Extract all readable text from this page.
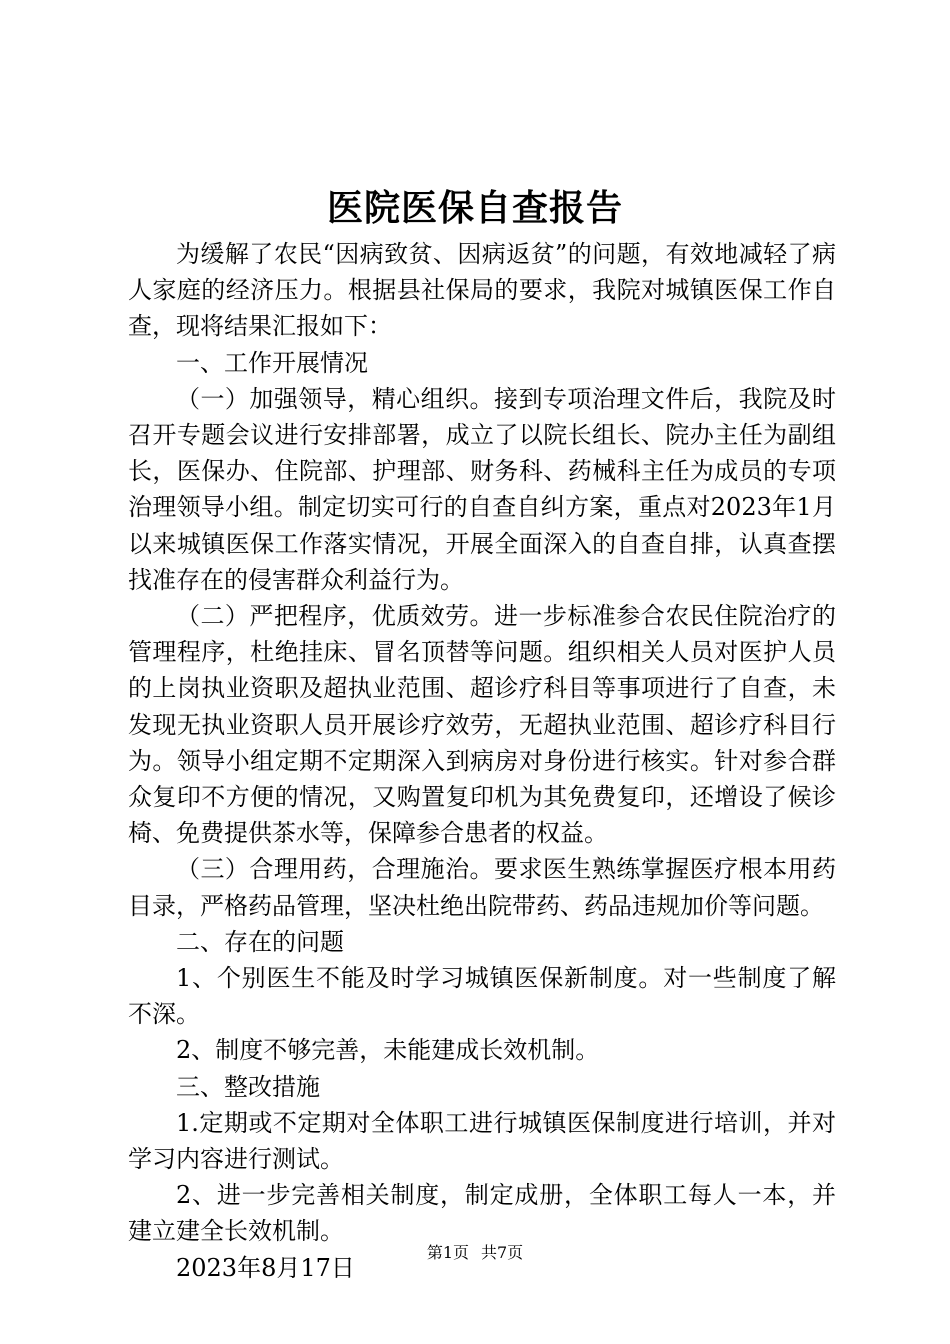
医院医保自查报告

为缓解了农民“因病致贫、因病返贫”的问题，有效地减轻了病人家庭的经济压力。根据县社保局的要求，我院对城镇医保工作自查，现将结果汇报如下：

一、工作开展情况

（一）加强领导，精心组织。接到专项治理文件后，我院及时召开专题会议进行安排部署，成立了以院长组长、院办主任为副组长，医保办、住院部、护理部、财务科、药械科主任为成员的专项治理领导小组。制定切实可行的自查自纠方案，重点对2023年1月以来城镇医保工作落实情况，开展全面深入的自查自排，认真查摆找准存在的侵害群众利益行为。

（二）严把程序，优质效劳。进一步标准参合农民住院治疗的管理程序，杜绝挂床、冒名顶替等问题。组织相关人员对医护人员的上岗执业资职及超执业范围、超诊疗科目等事项进行了自查，未发现无执业资职人员开展诊疗效劳，无超执业范围、超诊疗科目行为。领导小组定期不定期深入到病房对身份进行核实。针对参合群众复印不方便的情况，又购置复印机为其免费复印，还增设了候诊椅、免费提供茶水等，保障参合患者的权益。

（三）合理用药，合理施治。要求医生熟练掌握医疗根本用药目录，严格药品管理，坚决杜绝出院带药、药品违规加价等问题。

二、存在的问题

1、个别医生不能及时学习城镇医保新制度。对一些制度了解不深。

2、制度不够完善，未能建成长效机制。

三、整改措施

1.定期或不定期对全体职工进行城镇医保制度进行培训，并对学习内容进行测试。

2、进一步完善相关制度，制定成册，全体职工每人一本，并建立建全长效机制。

2023年8月17日

第1页 共7页
